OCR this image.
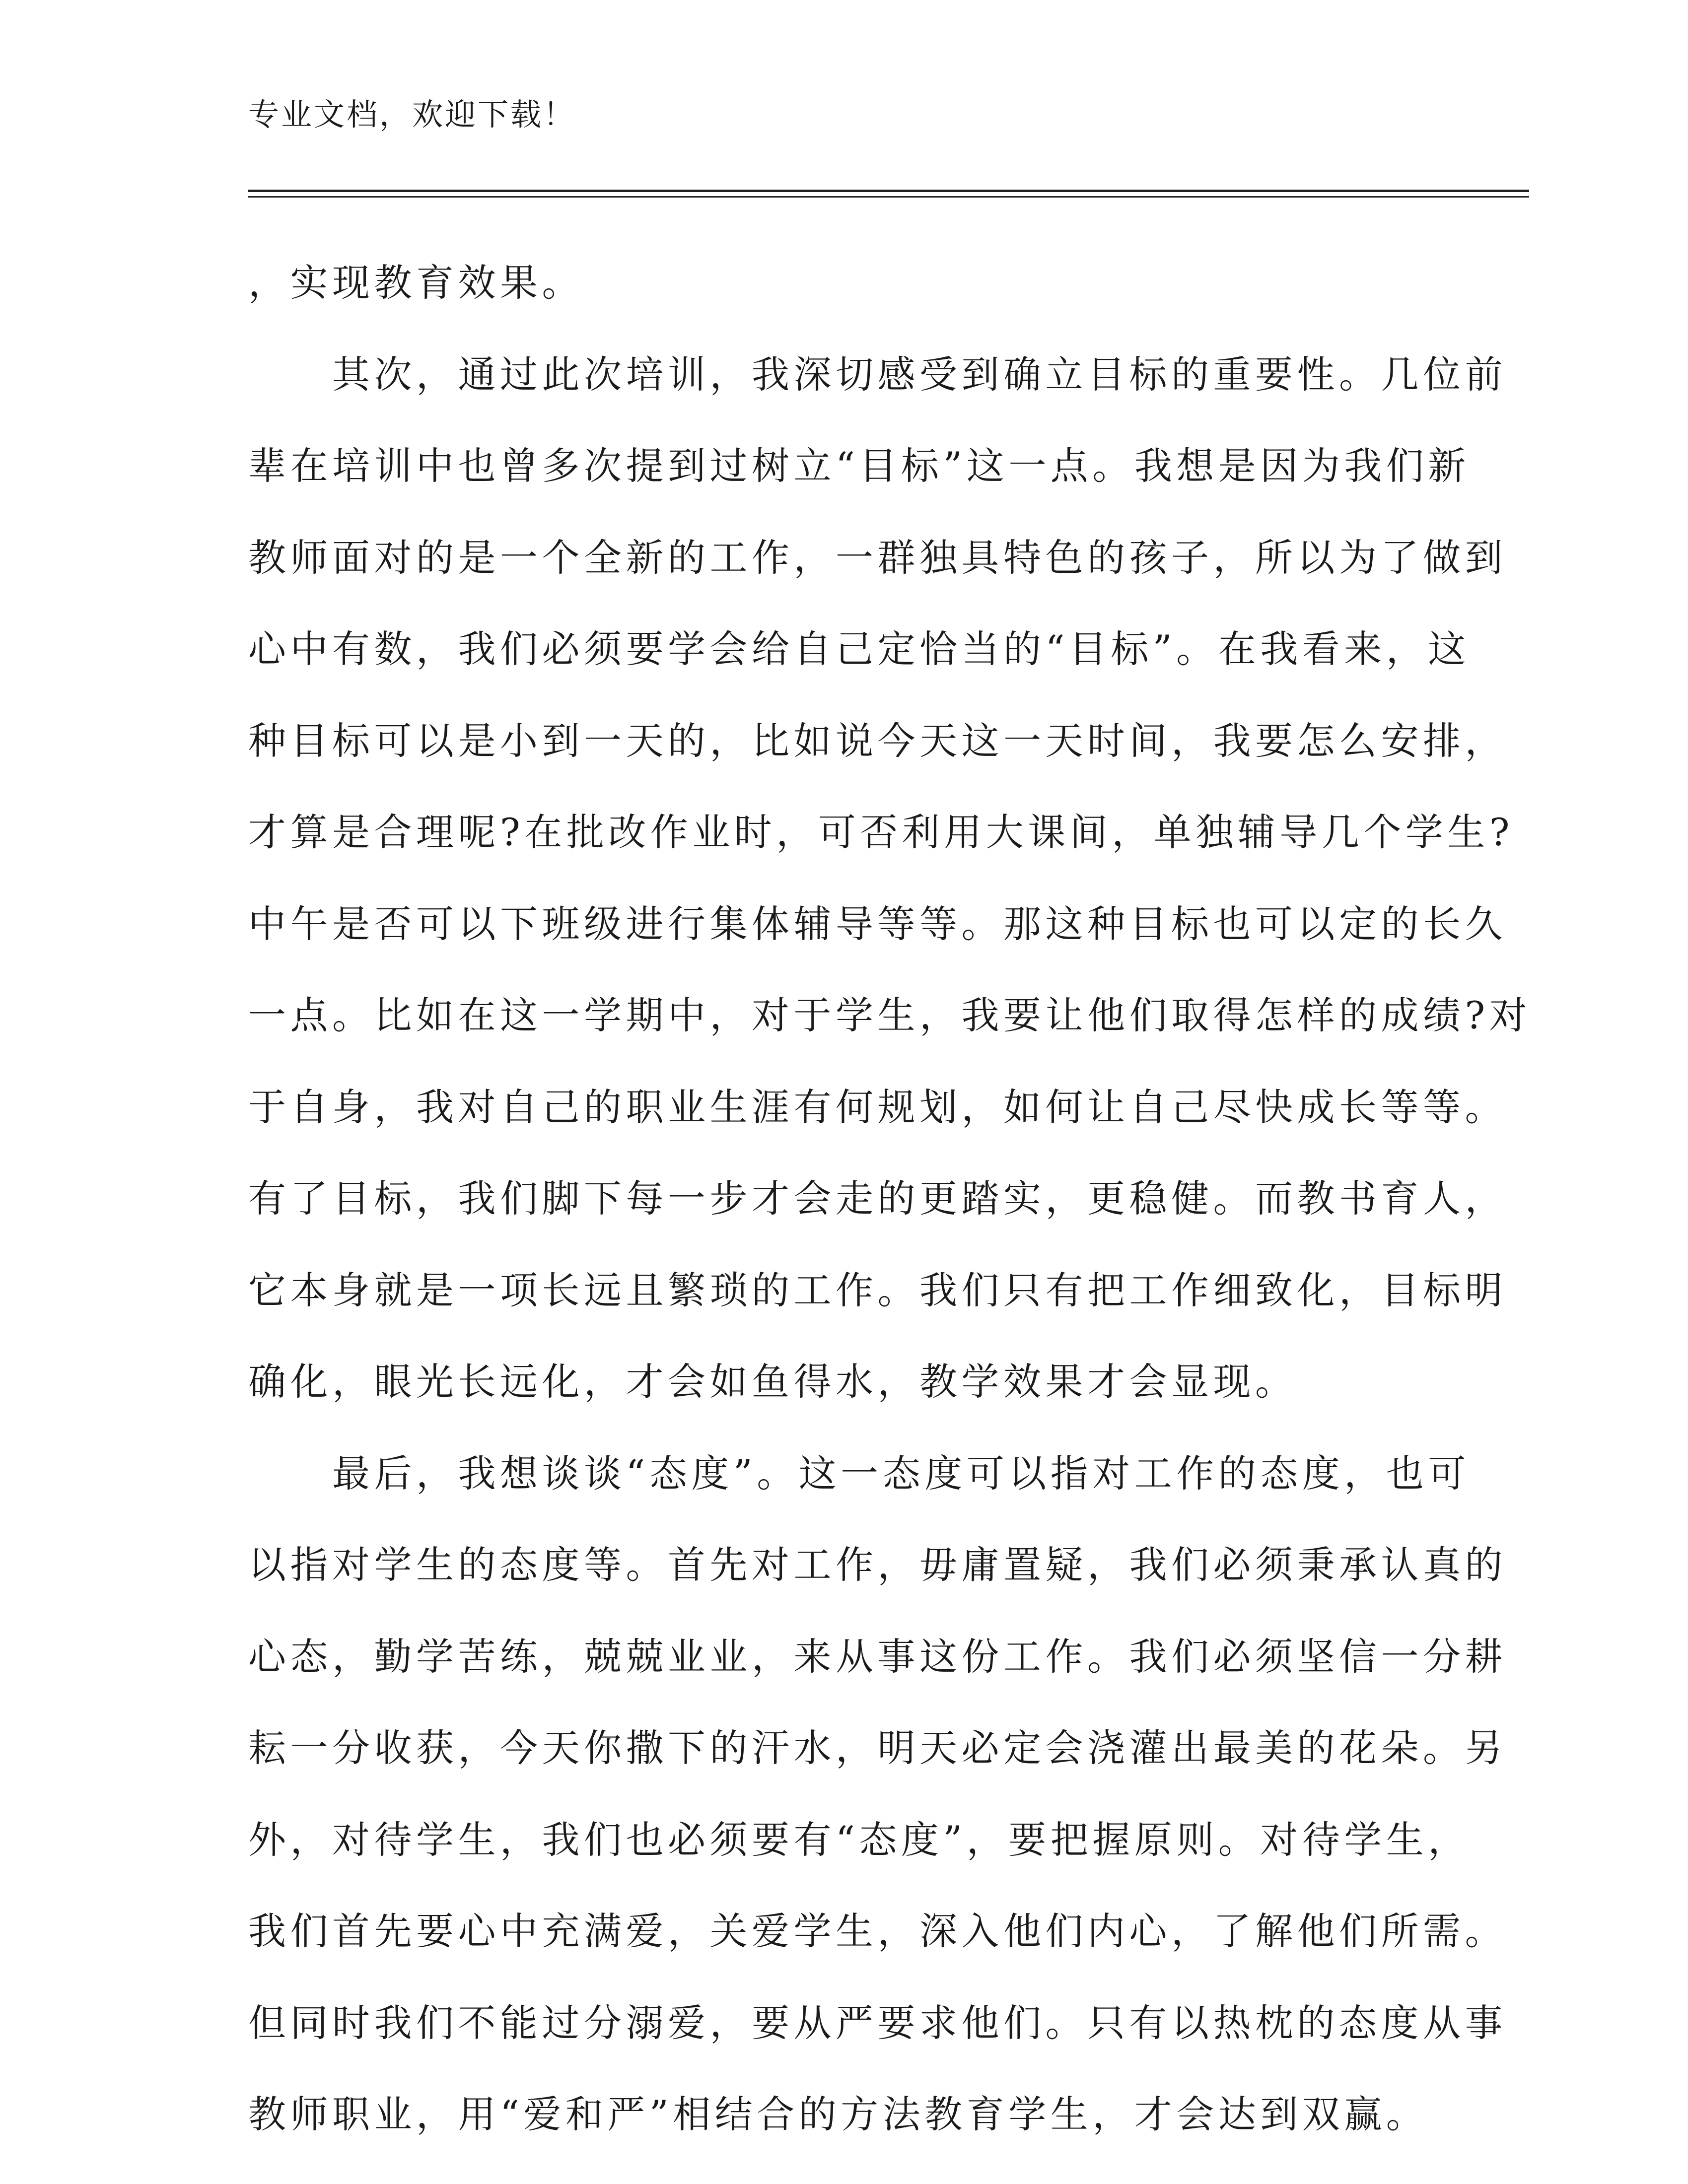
专业文档，欢迎下载！
，实现教育效果。
　　其次，通过此次培训，我深切感受到确立目标的重要性。几位前
辈在培训中也曾多次提到过树立“目标”这一点。我想是因为我们新
教师面对的是一个全新的工作，一群独具特色的孩子，所以为了做到
心中有数，我们必须要学会给自己定恰当的“目标”。在我看来，这
种目标可以是小到一天的，比如说今天这一天时间，我要怎么安排，
才算是合理呢?在批改作业时，可否利用大课间，单独辅导几个学生?
中午是否可以下班级进行集体辅导等等。那这种目标也可以定的长久
一点。比如在这一学期中，对于学生，我要让他们取得怎样的成绩?对
于自身，我对自己的职业生涯有何规划，如何让自己尽快成长等等。
有了目标，我们脚下每一步才会走的更踏实，更稳健。而教书育人，
它本身就是一项长远且繁琐的工作。我们只有把工作细致化，目标明
确化，眼光长远化，才会如鱼得水，教学效果才会显现。
　　最后，我想谈谈“态度”。这一态度可以指对工作的态度，也可
以指对学生的态度等。首先对工作，毋庸置疑，我们必须秉承认真的
心态，勤学苦练，兢兢业业，来从事这份工作。我们必须坚信一分耕
耘一分收获，今天你撒下的汗水，明天必定会浇灌出最美的花朵。另
外，对待学生，我们也必须要有“态度”，要把握原则。对待学生，
我们首先要心中充满爱，关爱学生，深入他们内心，了解他们所需。
但同时我们不能过分溺爱，要从严要求他们。只有以热枕的态度从事
教师职业，用“爱和严”相结合的方法教育学生，才会达到双赢。
